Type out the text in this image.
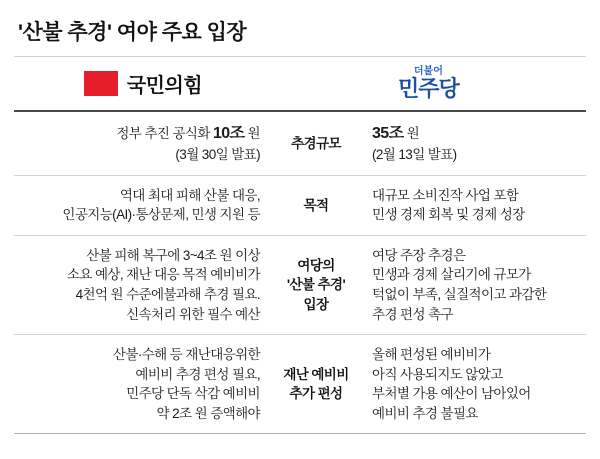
'산불 추경' 여야 주요 입장
국민의힘
더불어
민주당
정부 추진 공식화 10조 원
(3월 30일 발표)
추경규모
35조 원
(2월 13일 발표)
역대 최대 피해 산불 대응,
인공지능(AI)·통상문제, 민생 지원 등
목적
대규모 소비진작 사업 포함
민생 경제 회복 및 경제 성장
산불 피해 복구에 3~4조 원 이상
소요 예상, 재난 대응 목적 예비비가
4천억 원 수준에불과해 추경 필요.
신속처리 위한 필수 예산
여당의
'산불 추경'
입장
여당 주장 추경은
민생과 경제 살리기에 규모가
턱없이 부족, 실질적이고 과감한
추경 편성 촉구
산불·수해 등 재난대응위한
예비비 추경 편성 필요,
민주당 단독 삭감 예비비
약 2조 원 증액해야
재난 예비비
추가 편성
올해 편성된 예비비가
아직 사용되지도 않았고
부처별 가용 예산이 남아있어
예비비 추경 불필요
